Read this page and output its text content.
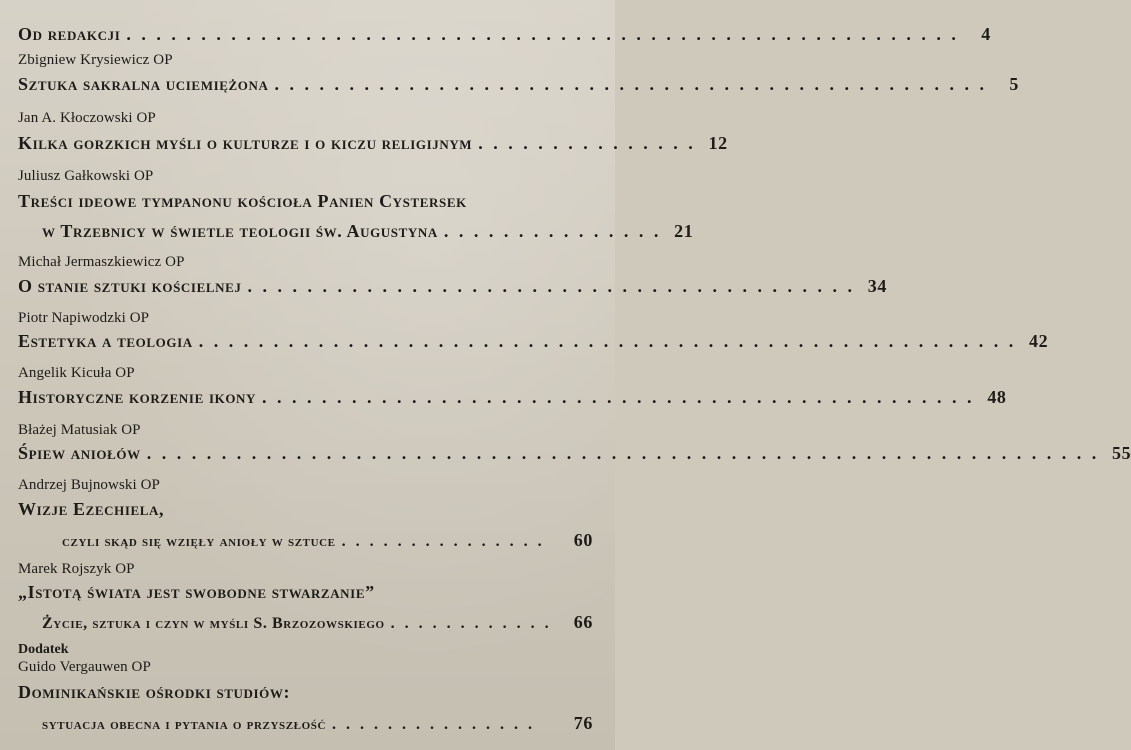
Od redakcji . . . . . . . . . . . . . . . . . . . . . . . . . . . . . . . . . . . . . . . . . . . . . . . . . . . . . . . .	4
Zbigniew Krysiewicz OP
Sztuka sakralna uciemiężona . . . . . . . . . . . . . . . . . . . . . . . . . . . . . . . . . . . . . . . . . . . . . . . .	5
Jan A. Kłoczowski OP
Kilka gorzkich myśli o kulturze i o kiczu religijnym . . . . . . . . . . . . . . . 12
Juliusz Gałkowski OP
Treści ideowe tympanonu kościoła Panien Cystersek
w Trzebnicy w świetle teologii św. Augustyna . . . . . . . . . . . . . . . 21
Michał Jermaszkiewicz OP
O stanie sztuki kościelnej . . . . . . . . . . . . . . . . . . . . . . . . . . . . . . . . . . . . . . . . . 34
Piotr Napiwodzki OP
Estetyka a teologia . . . . . . . . . . . . . . . . . . . . . . . . . . . . . . . . . . . . . . . . . . . . . . . . . . . . . . . 42
Angelik Kicuła OP
Historyczne korzenie ikony . . . . . . . . . . . . . . . . . . . . . . . . . . . . . . . . . . . . . . . . . . . . . . . . 48
Błażej Matusiak OP
Śpiew aniołów . . . . . . . . . . . . . . . . . . . . . . . . . . . . . . . . . . . . . . . . . . . . . . . . . . . . . . . . . . . . . . . . 55
Andrzej Bujnowski OP
Wizje Ezechiela,
czyli skąd się wzięły anioły w sztuce . . . . . . . . . . . . . . .	60
Marek Rojszyk OP
„Istotą świata jest swobodne stwarzanie”
Życie, sztuka i czyn w myśli S. Brzozowskiego . . . . . . . . . . . .	66
Dodatek
Guido Vergauwen OP
Dominikańskie ośrodki studiów:
sytuacja obecna i pytania o przyszłość . . . . . . . . . . . . . . .	76
